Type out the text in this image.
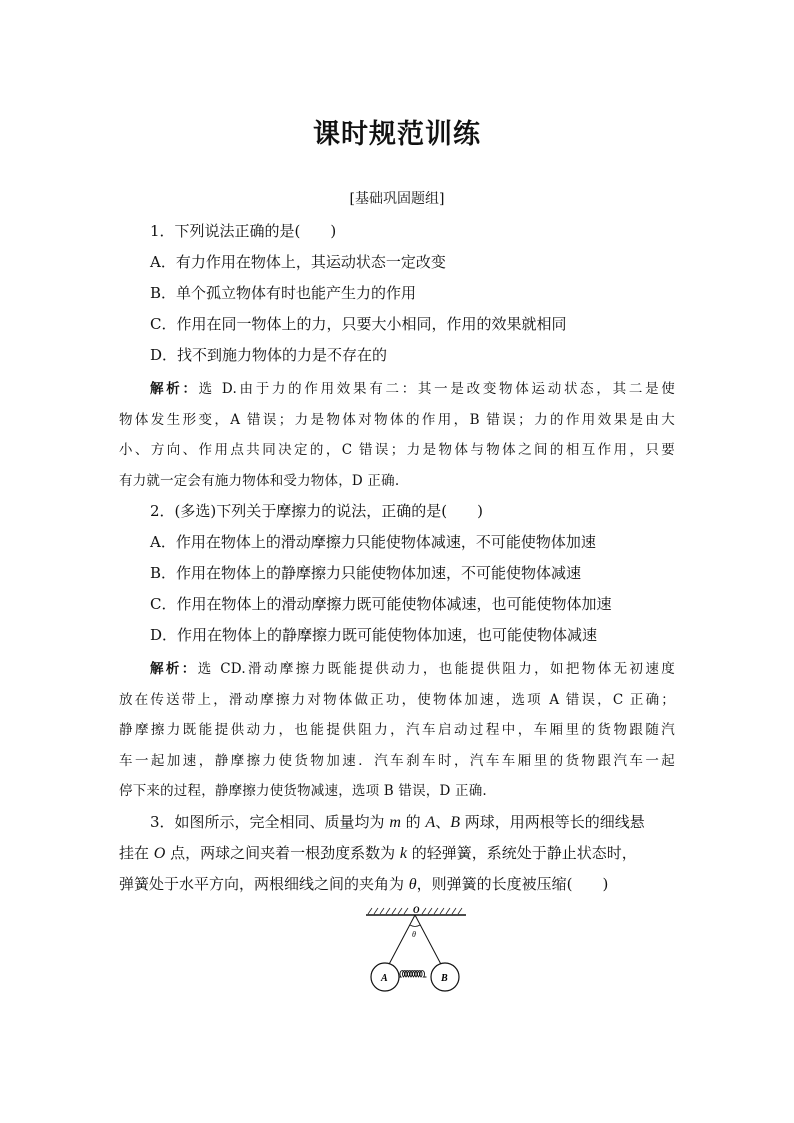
课时规范训练
[基础巩固题组]
1．下列说法正确的是(　　)
A．有力作用在物体上，其运动状态一定改变
B．单个孤立物体有时也能产生力的作用
C．作用在同一物体上的力，只要大小相同，作用的效果就相同
D．找不到施力物体的力是不存在的
解析：选 D.由于力的作用效果有二：其一是改变物体运动状态，其二是使
物体发生形变，A 错误；力是物体对物体的作用，B 错误；力的作用效果是由大
小、方向、作用点共同决定的，C 错误；力是物体与物体之间的相互作用，只要
有力就一定会有施力物体和受力物体，D 正确.
2．(多选)下列关于摩擦力的说法，正确的是(　　)
A．作用在物体上的滑动摩擦力只能使物体减速，不可能使物体加速
B．作用在物体上的静摩擦力只能使物体加速，不可能使物体减速
C．作用在物体上的滑动摩擦力既可能使物体减速，也可能使物体加速
D．作用在物体上的静摩擦力既可能使物体加速，也可能使物体减速
解析：选 CD.滑动摩擦力既能提供动力，也能提供阻力，如把物体无初速度
放在传送带上，滑动摩擦力对物体做正功，使物体加速，选项 A 错误，C 正确；
静摩擦力既能提供动力，也能提供阻力，汽车启动过程中，车厢里的货物跟随汽
车一起加速，静摩擦力使货物加速．汽车刹车时，汽车车厢里的货物跟汽车一起
停下来的过程，静摩擦力使货物减速，选项 B 错误，D 正确.
3．如图所示，完全相同、质量均为 m 的 A、B 两球，用两根等长的细线悬
挂在 O 点，两球之间夹着一根劲度系数为 k 的轻弹簧，系统处于静止状态时，
弹簧处于水平方向，两根细线之间的夹角为 θ，则弹簧的长度被压缩(　　)
O
θ
A	B
